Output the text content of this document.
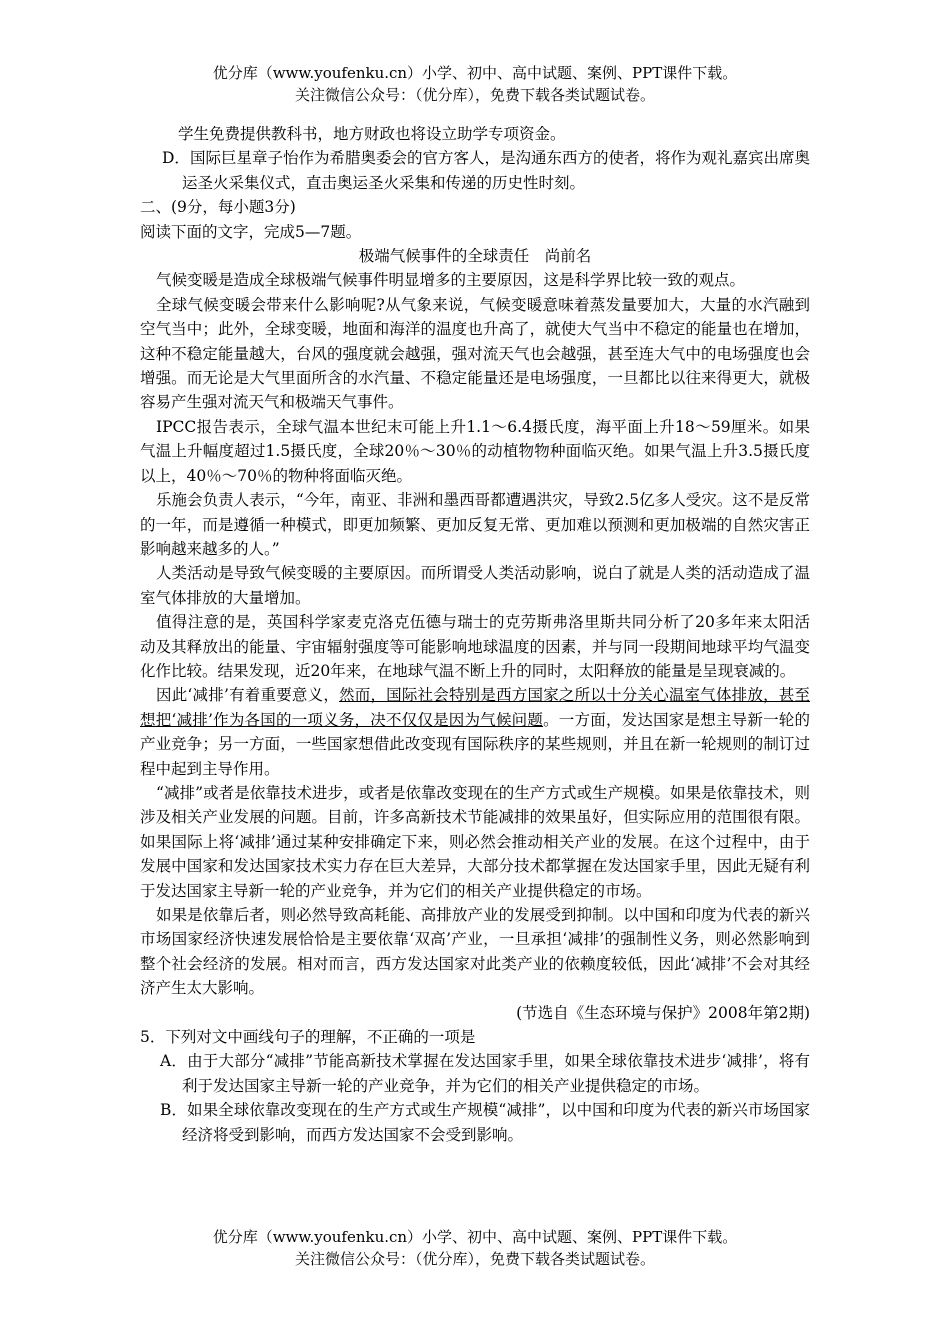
优分库（www.youfenku.cn）小学、初中、高中试题、案例、PPT课件下载。
关注微信公众号：（优分库），免费下载各类试题试卷。

学生免费提供教科书，地方财政也将设立助学专项资金。

D．国际巨星章子怡作为希腊奥委会的官方客人，是沟通东西方的使者，将作为观礼嘉宾出席奥运圣火采集仪式，直击奥运圣火采集和传递的历史性时刻。

二、(9分，每小题3分)

阅读下面的文字，完成5—7题。

极端气候事件的全球责任　尚前名

气候变暖是造成全球极端气候事件明显增多的主要原因，这是科学界比较一致的观点。

全球气候变暖会带来什么影响呢?从气象来说，气候变暖意味着蒸发量要加大，大量的水汽融到空气当中；此外，全球变暖，地面和海洋的温度也升高了，就使大气当中不稳定的能量也在增加，这种不稳定能量越大，台风的强度就会越强，强对流天气也会越强，甚至连大气中的电场强度也会增强。而无论是大气里面所含的水汽量、不稳定能量还是电场强度，一旦都比以往来得更大，就极容易产生强对流天气和极端天气事件。

IPCC报告表示，全球气温本世纪末可能上升1.1～6.4摄氏度，海平面上升18～59厘米。如果气温上升幅度超过1.5摄氏度，全球20％～30％的动植物物种面临灭绝。如果气温上升3.5摄氏度以上，40％～70％的物种将面临灭绝。

乐施会负责人表示，“今年，南亚、非洲和墨西哥都遭遇洪灾，导致2.5亿多人受灾。这不是反常的一年，而是遵循一种模式，即更加频繁、更加反复无常、更加难以预测和更加极端的自然灾害正影响越来越多的人。”

人类活动是导致气候变暖的主要原因。而所谓受人类活动影响，说白了就是人类的活动造成了温室气体排放的大量增加。

值得注意的是，英国科学家麦克洛克伍德与瑞士的克劳斯弗洛里斯共同分析了20多年来太阳活动及其释放出的能量、宇宙辐射强度等可能影响地球温度的因素，并与同一段期间地球平均气温变化作比较。结果发现，近20年来，在地球气温不断上升的同时，太阳释放的能量是呈现衰减的。

因此‘减排’有着重要意义，然而，国际社会特别是西方国家之所以十分关心温室气体排放，甚至想把‘减排’作为各国的一项义务，决不仅仅是因为气候问题。一方面，发达国家是想主导新一轮的产业竞争；另一方面，一些国家想借此改变现有国际秩序的某些规则，并且在新一轮规则的制订过程中起到主导作用。

“减排”或者是依靠技术进步，或者是依靠改变现在的生产方式或生产规模。如果是依靠技术，则涉及相关产业发展的问题。目前，许多高新技术节能减排的效果虽好，但实际应用的范围很有限。如果国际上将‘减排’通过某种安排确定下来，则必然会推动相关产业的发展。在这个过程中，由于发展中国家和发达国家技术实力存在巨大差异，大部分技术都掌握在发达国家手里，因此无疑有利于发达国家主导新一轮的产业竞争，并为它们的相关产业提供稳定的市场。

如果是依靠后者，则必然导致高耗能、高排放产业的发展受到抑制。以中国和印度为代表的新兴市场国家经济快速发展恰恰是主要依靠‘双高’产业，一旦承担‘减排’的强制性义务，则必然影响到整个社会经济的发展。相对而言，西方发达国家对此类产业的依赖度较低，因此‘减排’不会对其经济产生太大影响。

(节选自《生态环境与保护》2008年第2期)

5．下列对文中画线句子的理解，不正确的一项是

A．由于大部分“减排”节能高新技术掌握在发达国家手里，如果全球依靠技术进步‘减排’，将有利于发达国家主导新一轮的产业竞争，并为它们的相关产业提供稳定的市场。

B．如果全球依靠改变现在的生产方式或生产规模“减排”，以中国和印度为代表的新兴市场国家经济将受到影响，而西方发达国家不会受到影响。

优分库（www.youfenku.cn）小学、初中、高中试题、案例、PPT课件下载。
关注微信公众号：（优分库），免费下载各类试题试卷。
